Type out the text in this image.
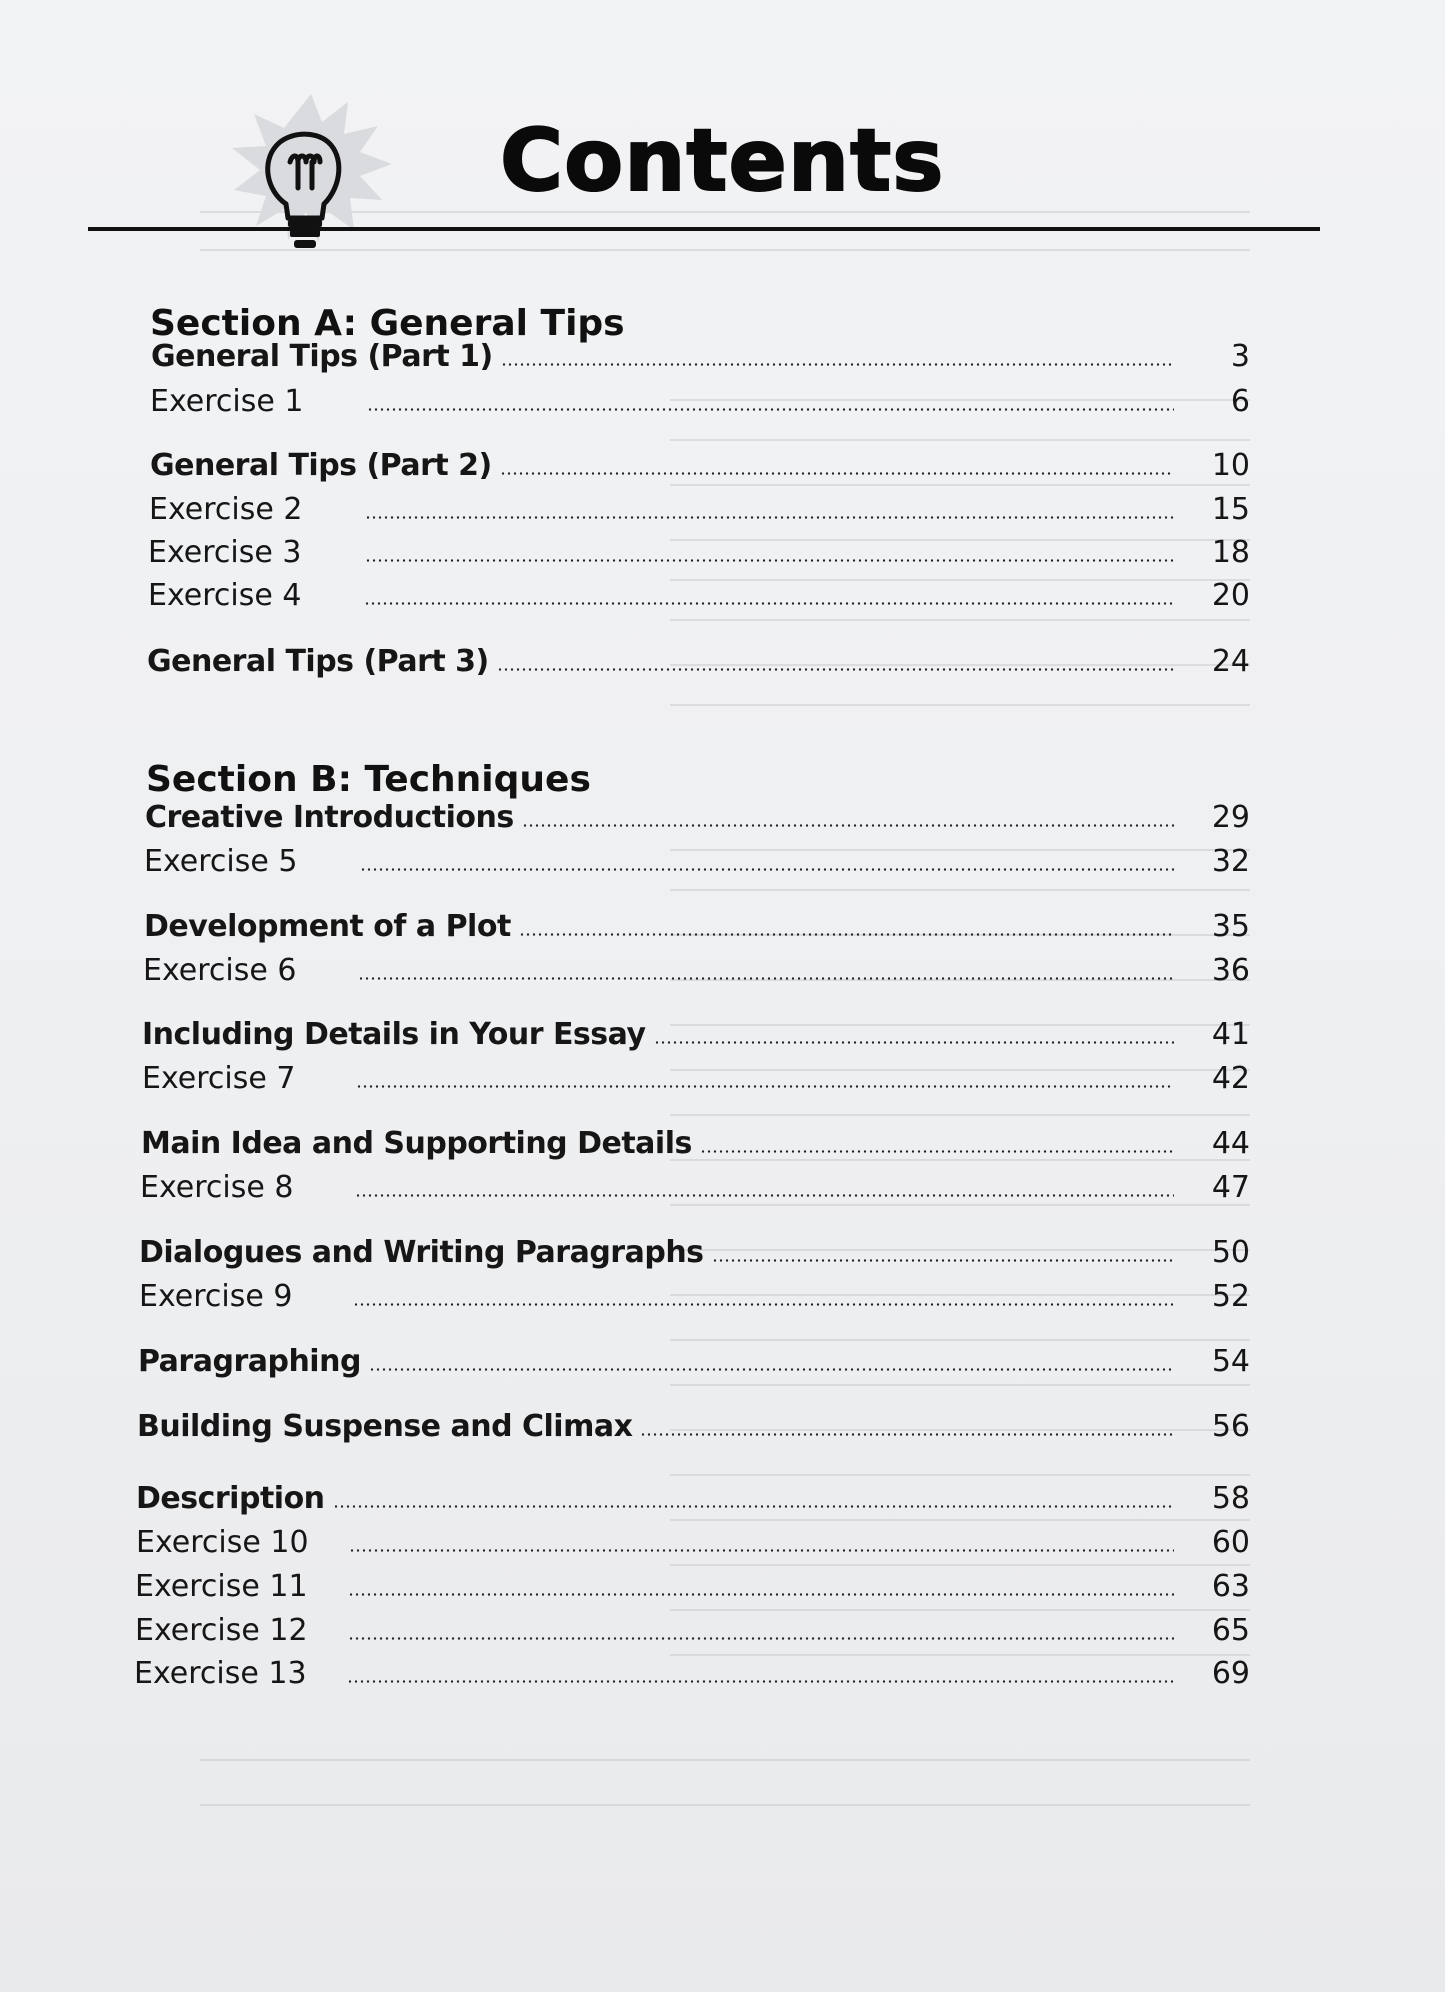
Contents
Section A: General Tips
General Tips (Part 1)	3
Exercise 1	6
General Tips (Part 2)	10
Exercise 2	15
Exercise 3	18
Exercise 4	20
General Tips (Part 3)	24
Section B: Techniques
Creative Introductions	29
Exercise 5	32
Development of a Plot	35
Exercise 6	36
Including Details in Your Essay	41
Exercise 7	42
Main Idea and Supporting Details	44
Exercise 8	47
Dialogues and Writing Paragraphs	50
Exercise 9	52
Paragraphing	54
Building Suspense and Climax	56
Description	58
Exercise 10	60
Exercise 11	63
Exercise 12	65
Exercise 13	69
